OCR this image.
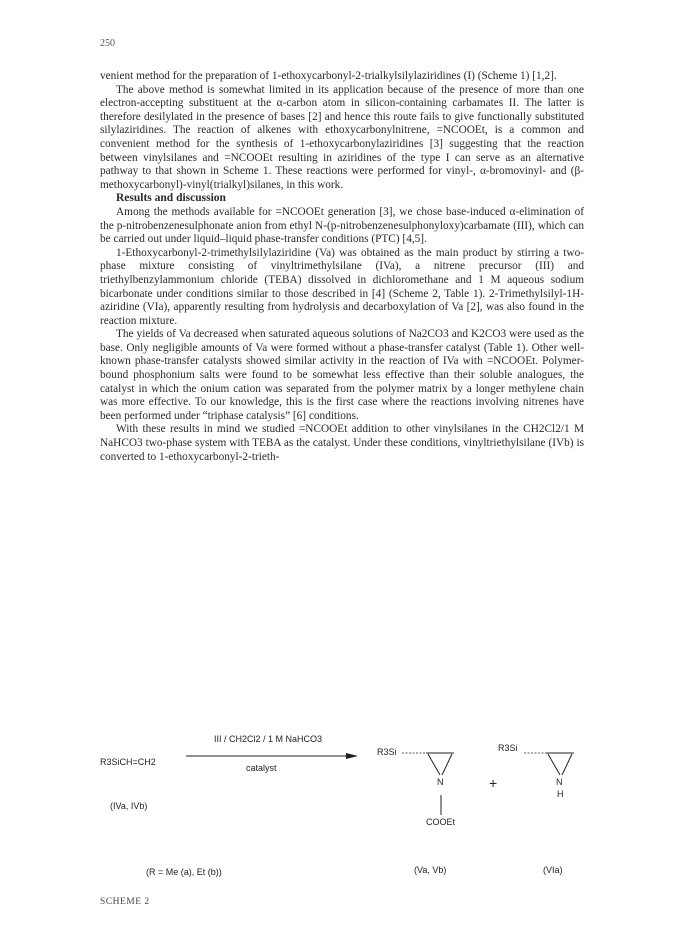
250

venient method for the preparation of 1-ethoxycarbonyl-2-trialkylsilylaziridines (I) (Scheme 1) [1,2].

The above method is somewhat limited in its application because of the presence of more than one electron-accepting substituent at the α-carbon atom in silicon-containing carbamates II. The latter is therefore desilylated in the presence of bases [2] and hence this route fails to give functionally substituted silylaziridines. The reaction of alkenes with ethoxycarbonylnitrene, =NCOOEt, is a common and convenient method for the synthesis of 1-ethoxycarbonylaziridines [3] suggesting that the reaction between vinylsilanes and =NCOOEt resulting in aziridines of the type I can serve as an alternative pathway to that shown in Scheme 1. These reactions were performed for vinyl-, α-bromovinyl- and (β-methoxycarbonyl)-vinyl(trialkyl)silanes, in this work.

Results and discussion

Among the methods available for =NCOOEt generation [3], we chose base-induced α-elimination of the p-nitrobenzenesulphonate anion from ethyl N-(p-nitrobenzenesulphonyloxy)carbamate (III), which can be carried out under liquid–liquid phase-transfer conditions (PTC) [4,5].

1-Ethoxycarbonyl-2-trimethylsilylaziridine (Va) was obtained as the main product by stirring a two-phase mixture consisting of vinyltrimethylsilane (IVa), a nitrene precursor (III) and triethylbenzylammonium chloride (TEBA) dissolved in dichloromethane and 1 M aqueous sodium bicarbonate under conditions similar to those described in [4] (Scheme 2, Table 1). 2-Trimethylsilyl-1H-aziridine (VIa), apparently resulting from hydrolysis and decarboxylation of Va [2], was also found in the reaction mixture.

The yields of Va decreased when saturated aqueous solutions of Na2CO3 and K2CO3 were used as the base. Only negligible amounts of Va were formed without a phase-transfer catalyst (Table 1). Other well-known phase-transfer catalysts showed similar activity in the reaction of IVa with =NCOOEt. Polymer-bound phosphonium salts were found to be somewhat less effective than their soluble analogues, the catalyst in which the onium cation was separated from the polymer matrix by a longer methylene chain was more effective. To our knowledge, this is the first case where the reactions involving nitrenes have been performed under “triphase catalysis” [6] conditions.

With these results in mind we studied =NCOOEt addition to other vinylsilanes in the CH2Cl2/1 M NaHCO3 two-phase system with TEBA as the catalyst. Under these conditions, vinyltriethylsilane (IVb) is converted to 1-ethoxycarbonyl-2-trieth-

R3SiCH=CH2
(IVa, IVb)
III / CH2Cl2 / 1 M NaHCO3
catalyst
R3Si
N
COOEt
(Va, Vb)
+
R3Si
N
H
(VIa)
(R = Me (a), Et (b))
SCHEME 2
